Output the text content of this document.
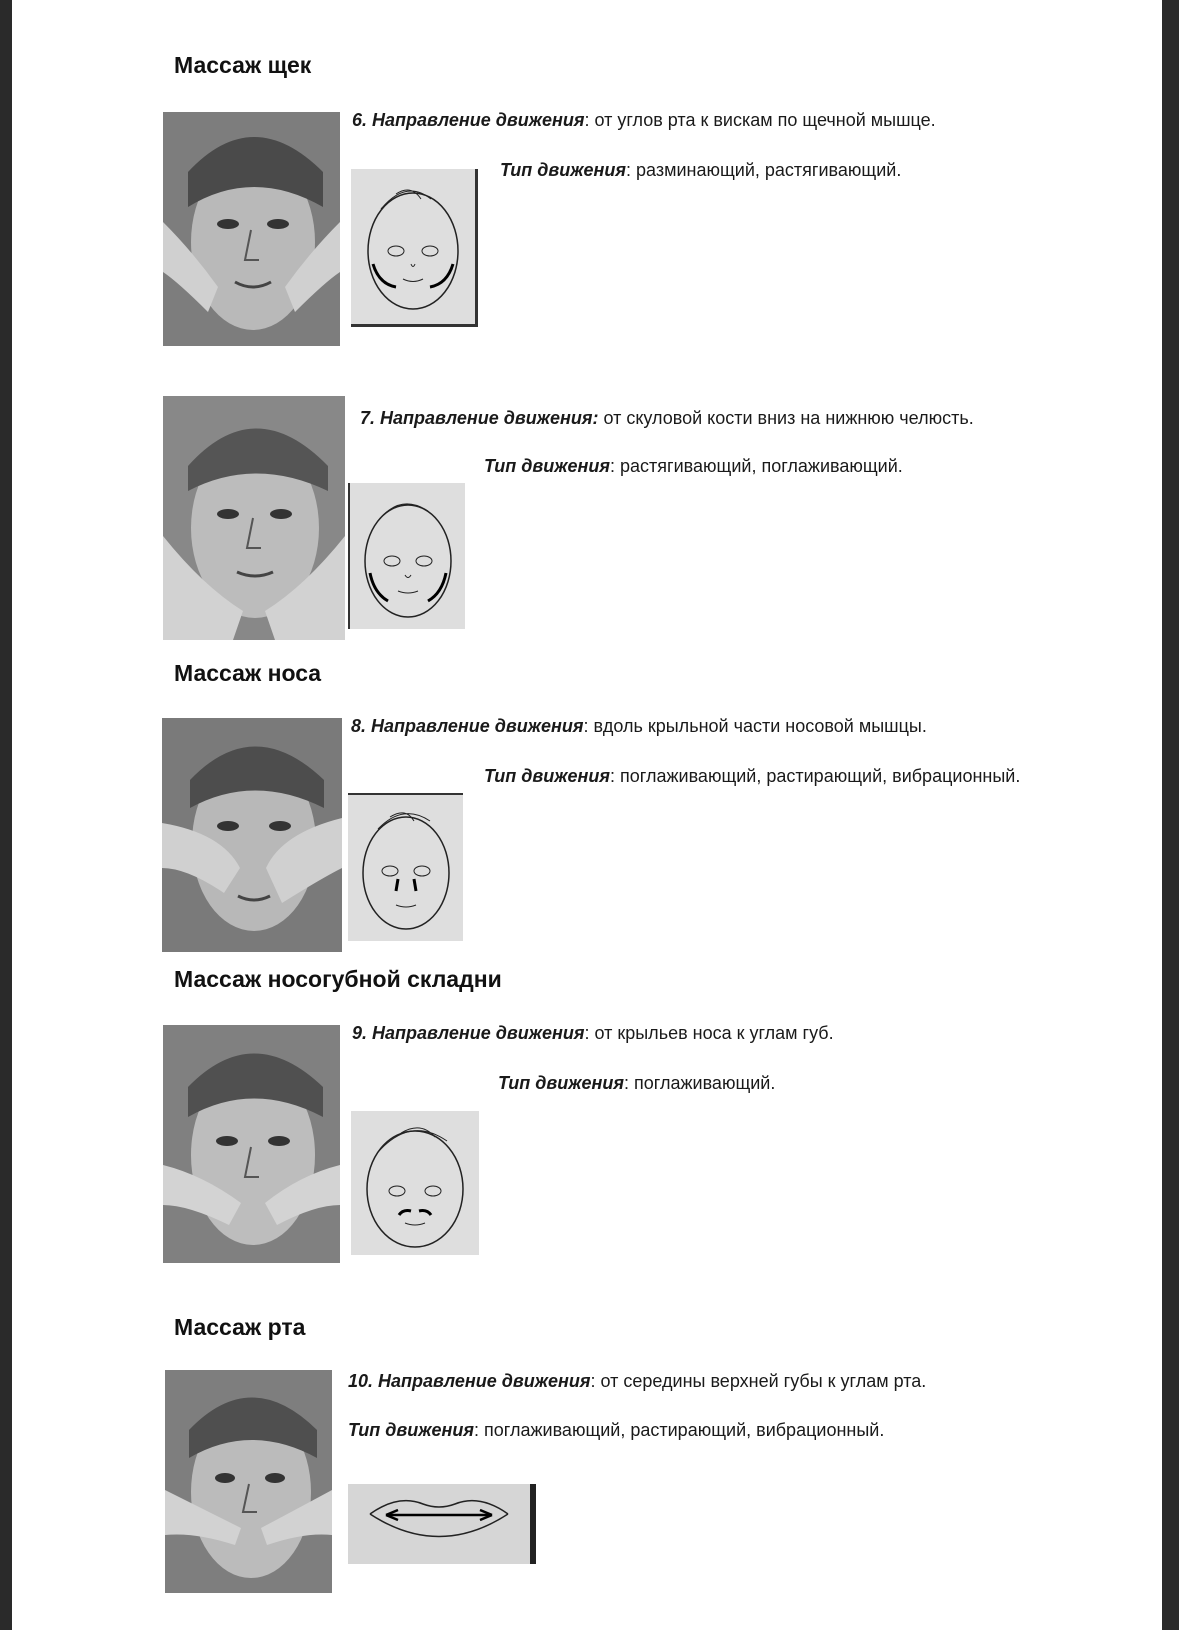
Массаж щек
6. Направление движения: от углов рта к вискам по щечной мышце.
Тип движения: разминающий, растягивающий.
7. Направление движения: от скуловой кости вниз на нижнюю челюсть.
Тип движения: растягивающий, поглаживающий.
Массаж носа
8. Направление движения: вдоль крыльной части носовой мышцы.
Тип движения: поглаживающий, растирающий, вибрационный.
Массаж носогубной складни
9. Направление движения: от крыльев носа к углам губ.
Тип движения: поглаживающий.
Массаж рта
10. Направление движения: от середины верхней губы к углам рта.
Тип движения: поглаживающий, растирающий, вибрационный.
